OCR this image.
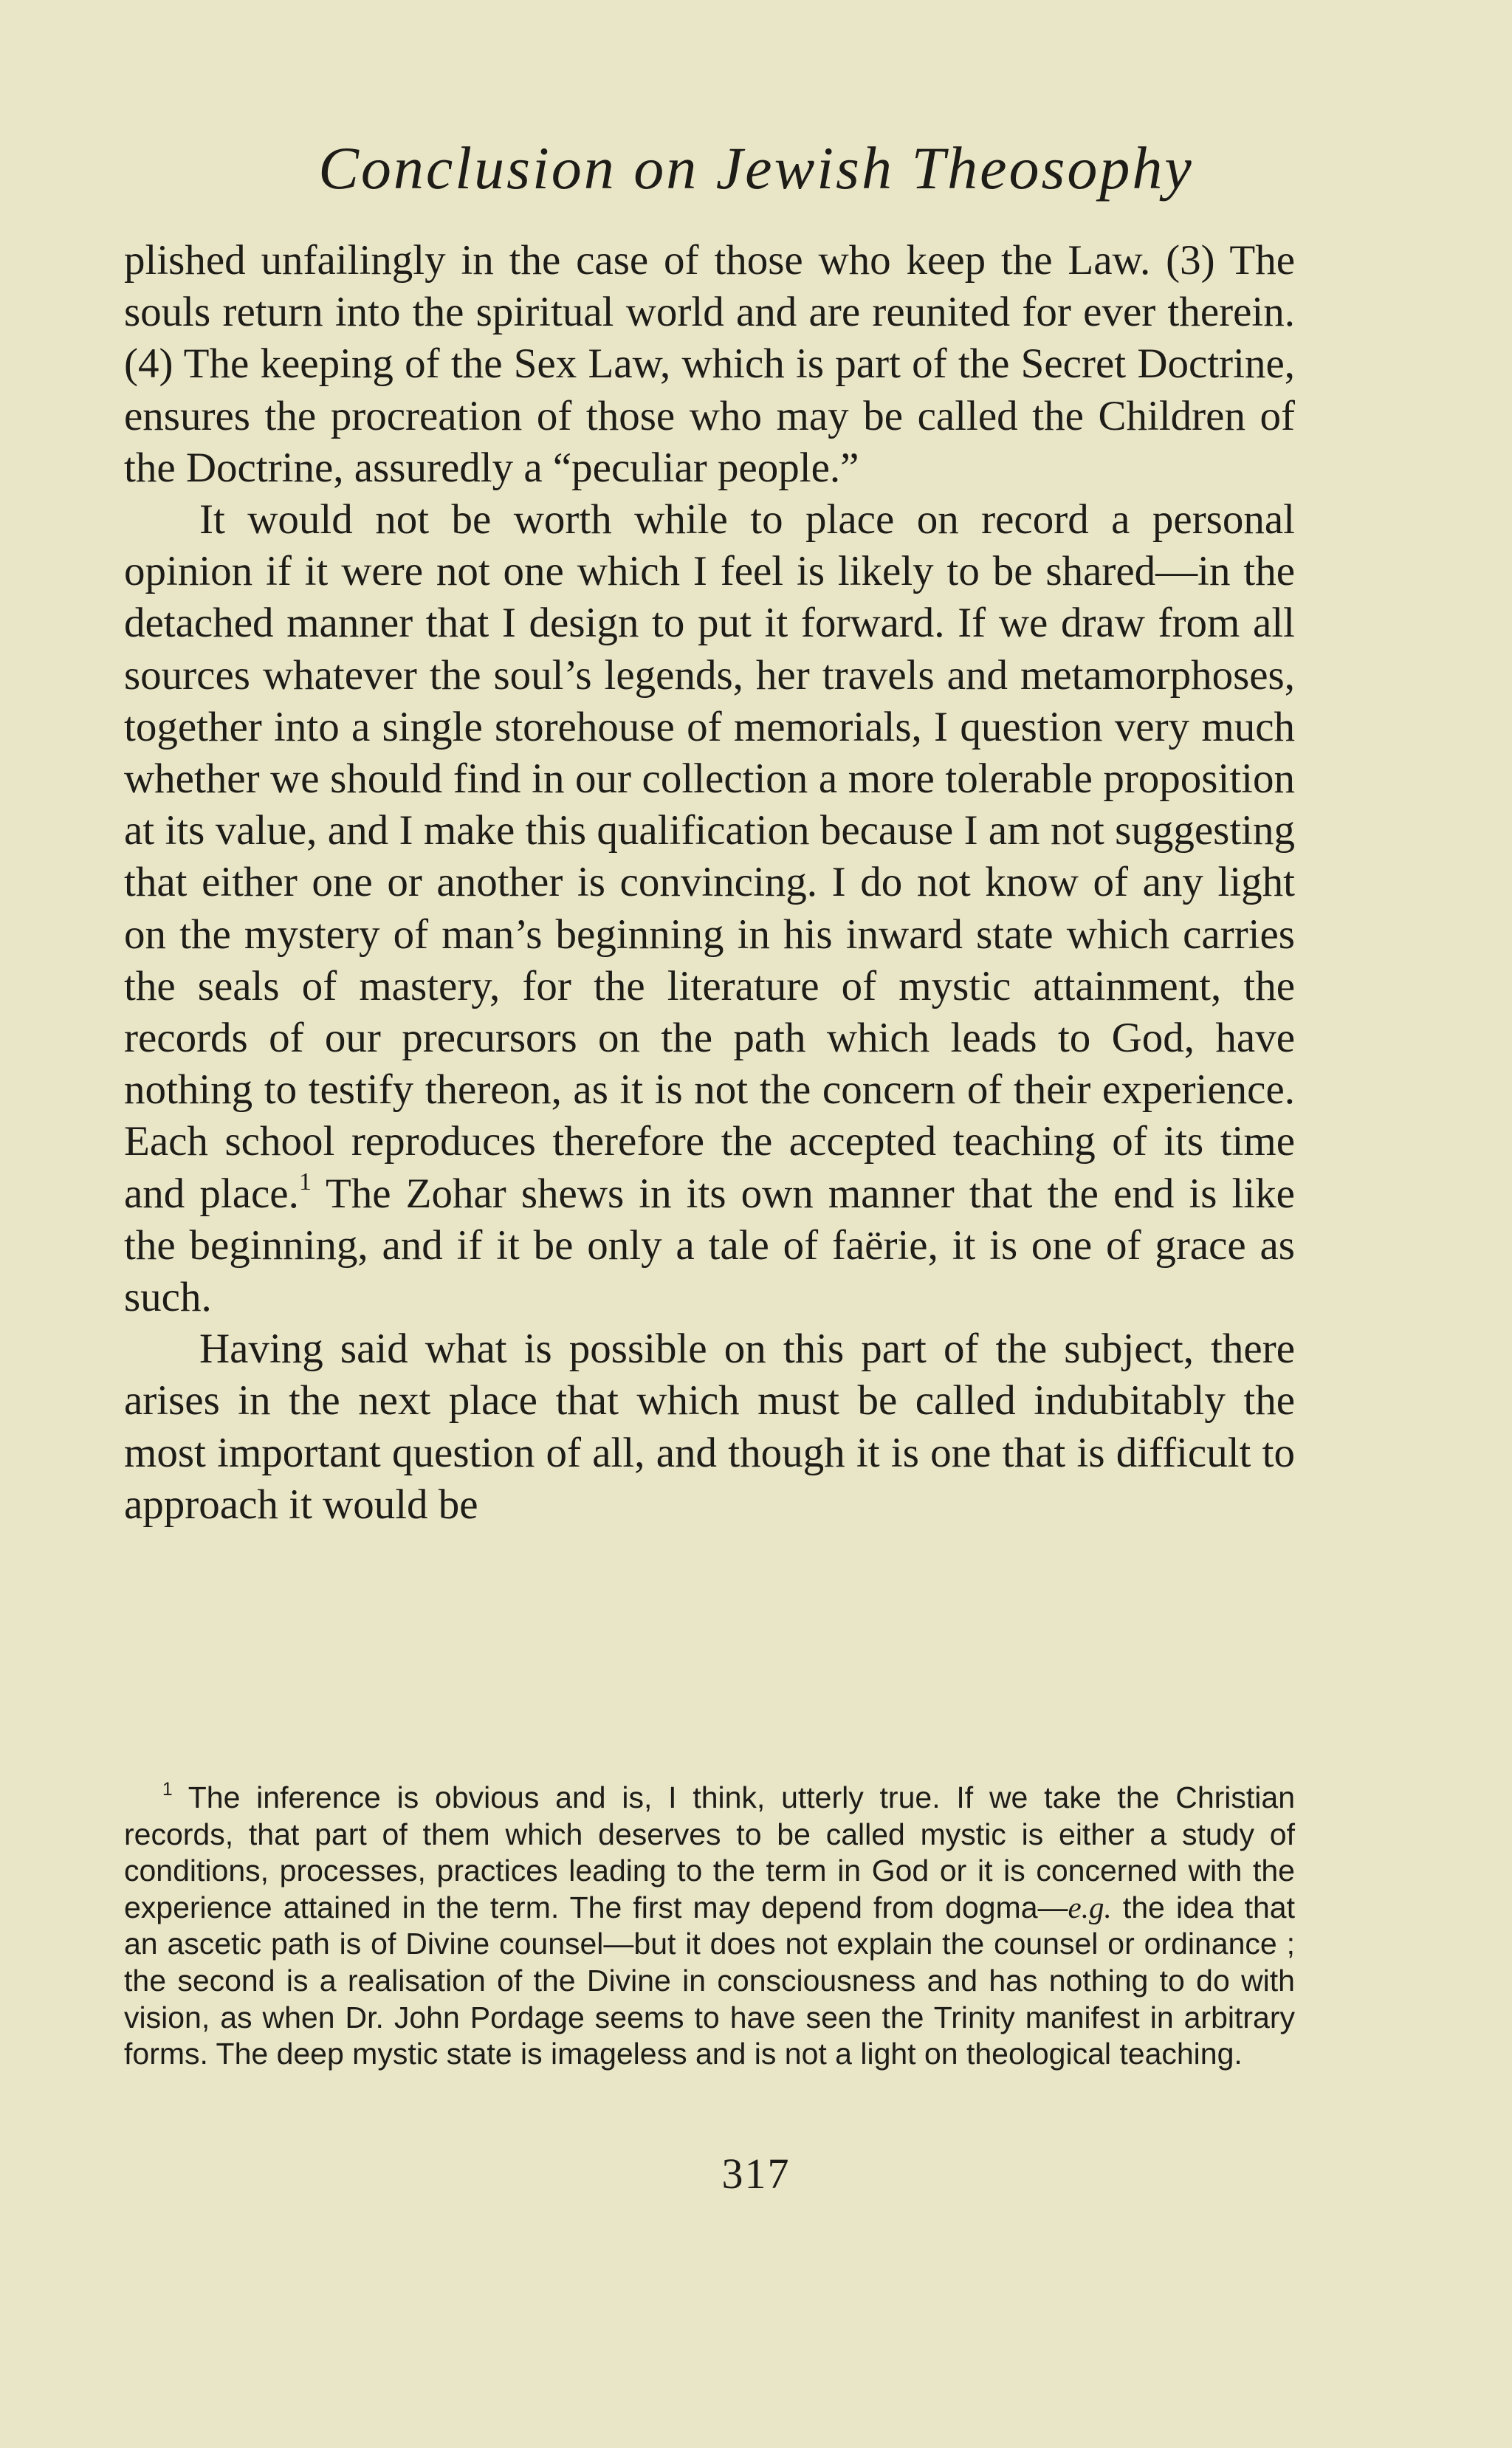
Conclusion on Jewish Theosophy

plished unfailingly in the case of those who keep the Law. (3) The souls return into the spiritual world and are reunited for ever therein. (4) The keeping of the Sex Law, which is part of the Secret Doctrine, ensures the procreation of those who may be called the Children of the Doctrine, assuredly a “peculiar people.”

It would not be worth while to place on record a personal opinion if it were not one which I feel is likely to be shared—in the detached manner that I design to put it forward. If we draw from all sources whatever the soul’s legends, her travels and metamorphoses, together into a single storehouse of memorials, I question very much whether we should find in our collection a more tolerable proposition at its value, and I make this qualification because I am not suggesting that either one or another is convincing. I do not know of any light on the mystery of man’s beginning in his inward state which carries the seals of mastery, for the literature of mystic attainment, the records of our precursors on the path which leads to God, have nothing to testify thereon, as it is not the concern of their experience. Each school reproduces therefore the accepted teaching of its time and place.$^1$ The Zohar shews in its own manner that the end is like the beginning, and if it be only a tale of faërie, it is one of grace as such.

Having said what is possible on this part of the subject, there arises in the next place that which must be called indubitably the most important question of all, and though it is one that is difficult to approach it would be

$^1$ The inference is obvious and is, I think, utterly true. If we take the Christian records, that part of them which deserves to be called mystic is either a study of conditions, processes, practices leading to the term in God or it is concerned with the experience attained in the term. The first may depend from dogma—e.g. the idea that an ascetic path is of Divine counsel—but it does not explain the counsel or ordinance ; the second is a realisation of the Divine in consciousness and has nothing to do with vision, as when Dr. John Pordage seems to have seen the Trinity manifest in arbitrary forms. The deep mystic state is imageless and is not a light on theological teaching.

317
